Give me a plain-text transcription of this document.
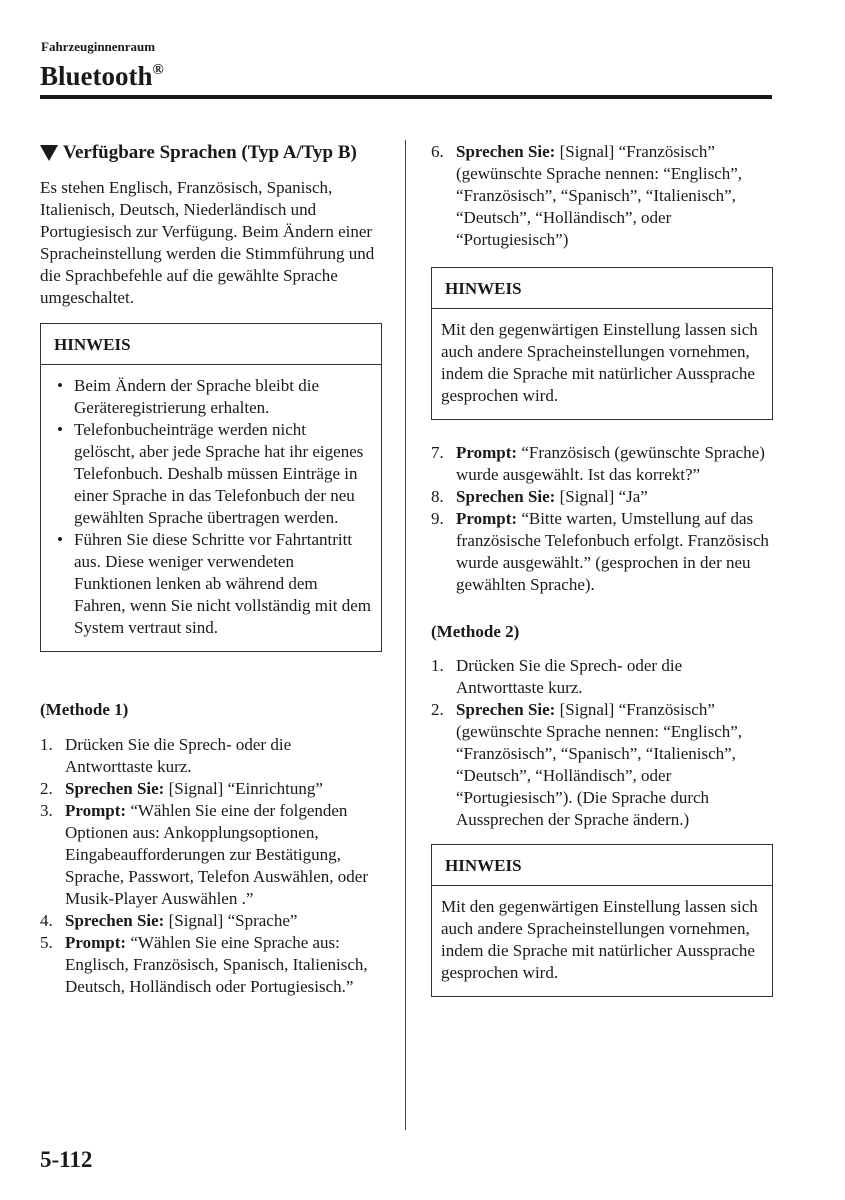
Fahrzeuginnenraum
Bluetooth®
Verfügbare Sprachen (Typ A/Typ B)

Es stehen Englisch, Französisch, Spanisch, Italienisch, Deutsch, Niederländisch und Portugiesisch zur Verfügung. Beim Ändern einer Spracheinstellung werden die Stimmführung und die Sprachbefehle auf die gewählte Sprache umgeschaltet.

HINWEIS
• Beim Ändern der Sprache bleibt die Geräteregistrierung erhalten.
• Telefonbucheinträge werden nicht gelöscht, aber jede Sprache hat ihr eigenes Telefonbuch. Deshalb müssen Einträge in einer Sprache in das Telefonbuch der neu gewählten Sprache übertragen werden.
• Führen Sie diese Schritte vor Fahrtantritt aus. Diese weniger verwendeten Funktionen lenken ab während dem Fahren, wenn Sie nicht vollständig mit dem System vertraut sind.
(Methode 1)
1. Drücken Sie die Sprech- oder die Antworttaste kurz.
2. Sprechen Sie: [Signal] “Einrichtung”
3. Prompt: “Wählen Sie eine der folgenden Optionen aus: Ankopplungsoptionen, Eingabeaufforderungen zur Bestätigung, Sprache, Passwort, Telefon Auswählen, oder Musik-Player Auswählen .”
4. Sprechen Sie: [Signal] “Sprache”
5. Prompt: “Wählen Sie eine Sprache aus: Englisch, Französisch, Spanisch, Italienisch, Deutsch, Holländisch oder Portugiesisch.”
6. Sprechen Sie: [Signal] “Französisch” (gewünschte Sprache nennen: “Englisch”, “Französisch”, “Spanisch”, “Italienisch”, “Deutsch”, “Holländisch”, oder “Portugiesisch”)
HINWEIS
Mit den gegenwärtigen Einstellung lassen sich auch andere Spracheinstellungen vornehmen, indem die Sprache mit natürlicher Aussprache gesprochen wird.
7. Prompt: “Französisch (gewünschte Sprache) wurde ausgewählt. Ist das korrekt?”
8. Sprechen Sie: [Signal] “Ja”
9. Prompt: “Bitte warten, Umstellung auf das französische Telefonbuch erfolgt. Französisch wurde ausgewählt.” (gesprochen in der neu gewählten Sprache).
(Methode 2)
1. Drücken Sie die Sprech- oder die Antworttaste kurz.
2. Sprechen Sie: [Signal] “Französisch” (gewünschte Sprache nennen: “Englisch”, “Französisch”, “Spanisch”, “Italienisch”, “Deutsch”, “Holländisch”, oder “Portugiesisch”). (Die Sprache durch Aussprechen der Sprache ändern.)
HINWEIS
Mit den gegenwärtigen Einstellung lassen sich auch andere Spracheinstellungen vornehmen, indem die Sprache mit natürlicher Aussprache gesprochen wird.
5-112
